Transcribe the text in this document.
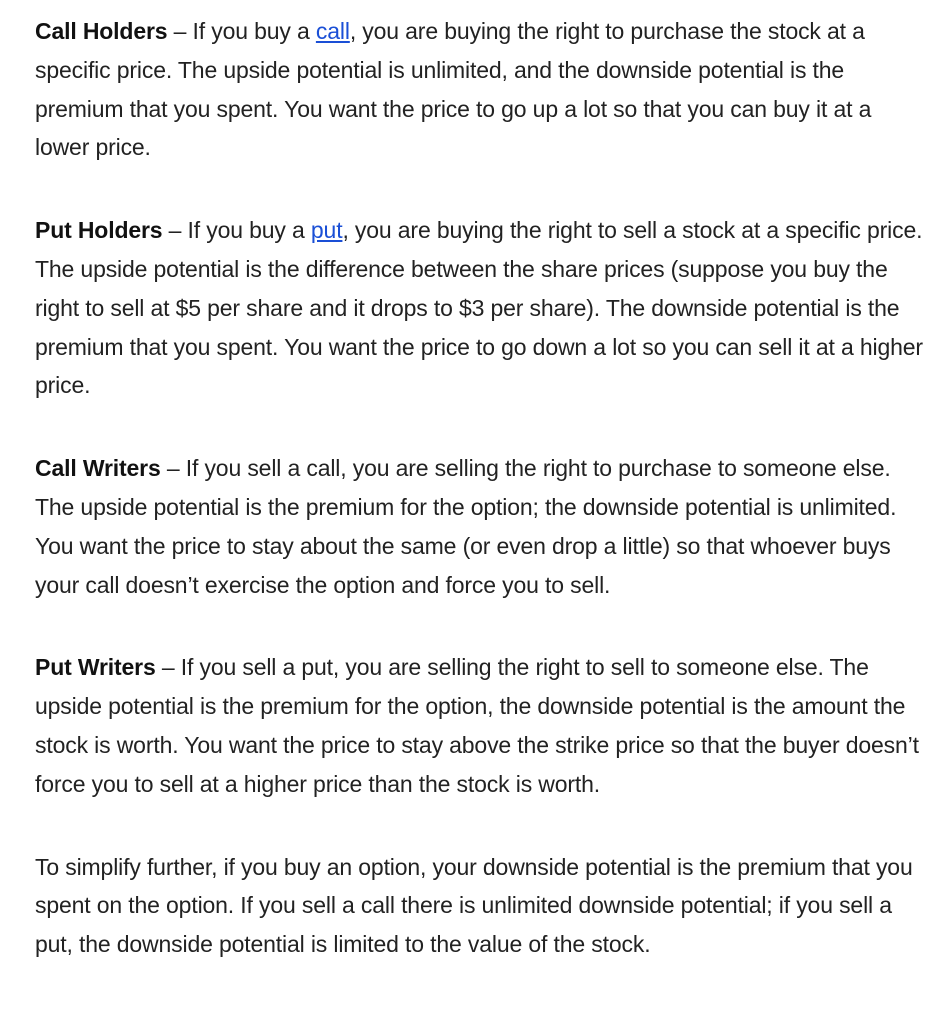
Call Holders – If you buy a call, you are buying the right to purchase the stock at a specific price. The upside potential is unlimited, and the downside potential is the premium that you spent. You want the price to go up a lot so that you can buy it at a lower price.

Put Holders – If you buy a put, you are buying the right to sell a stock at a specific price. The upside potential is the difference between the share prices (suppose you buy the right to sell at $5 per share and it drops to $3 per share). The downside potential is the premium that you spent. You want the price to go down a lot so you can sell it at a higher price.

Call Writers – If you sell a call, you are selling the right to purchase to someone else. The upside potential is the premium for the option; the downside potential is unlimited. You want the price to stay about the same (or even drop a little) so that whoever buys your call doesn’t exercise the option and force you to sell.

Put Writers – If you sell a put, you are selling the right to sell to someone else. The upside potential is the premium for the option, the downside potential is the amount the stock is worth. You want the price to stay above the strike price so that the buyer doesn’t force you to sell at a higher price than the stock is worth.

To simplify further, if you buy an option, your downside potential is the premium that you spent on the option. If you sell a call there is unlimited downside potential; if you sell a put, the downside potential is limited to the value of the stock.
